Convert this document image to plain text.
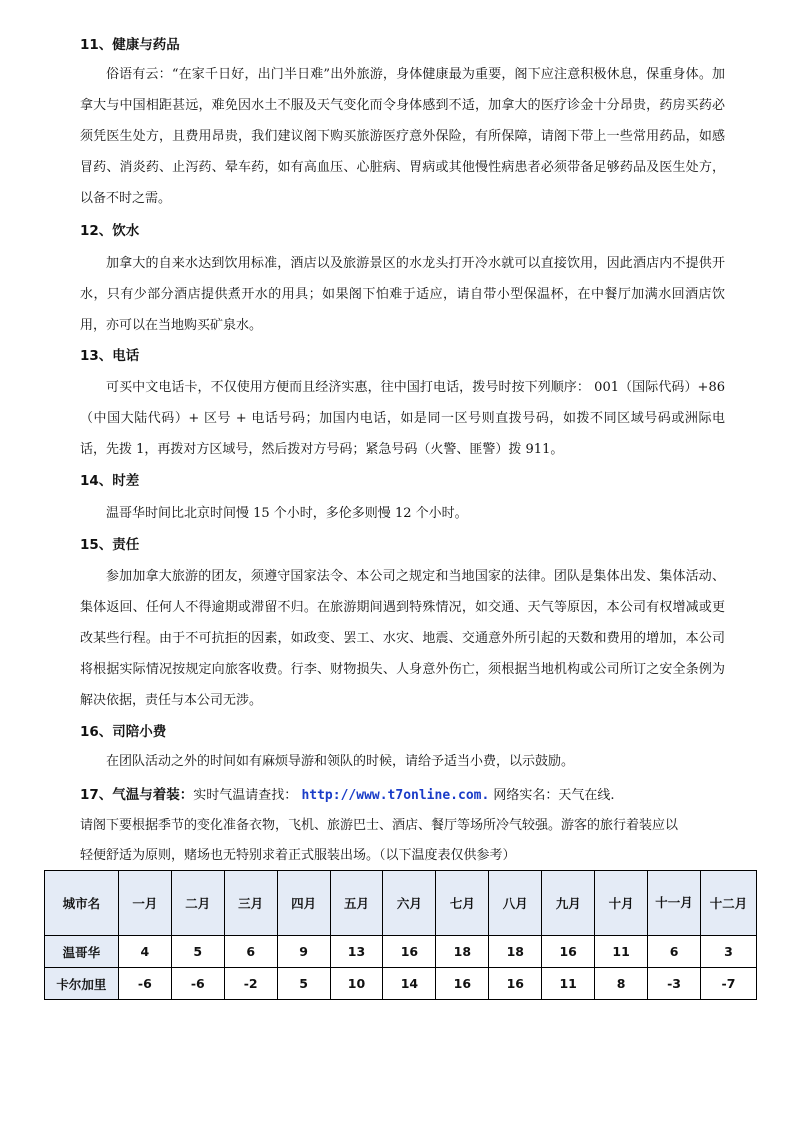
11、健康与药品

俗语有云：“在家千日好，出门半日难”出外旅游，身体健康最为重要，阁下应注意积极休息，保重身体。加拿大与中国相距甚远，难免因水土不服及天气变化而令身体感到不适，加拿大的医疗诊金十分昂贵，药房买药必须凭医生处方，且费用昂贵，我们建议阁下购买旅游医疗意外保险，有所保障，请阁下带上一些常用药品，如感冒药、消炎药、止泻药、晕车药，如有高血压、心脏病、胃病或其他慢性病患者必须带备足够药品及医生处方，以备不时之需。

12、饮水

加拿大的自来水达到饮用标准，酒店以及旅游景区的水龙头打开冷水就可以直接饮用，因此酒店内不提供开水，只有少部分酒店提供煮开水的用具；如果阁下怕难于适应，请自带小型保温杯，在中餐厅加满水回酒店饮用，亦可以在当地购买矿泉水。

13、电话

可买中文电话卡，不仅使用方便而且经济实惠，往中国打电话，拨号时按下列顺序： 001（国际代码）+86（中国大陆代码）+ 区号 + 电话号码；加国内电话，如是同一区号则直拨号码，如拨不同区域号码或洲际电话，先拨 1，再拨对方区域号，然后拨对方号码；紧急号码（火警、匪警）拨 911。

14、时差

温哥华时间比北京时间慢 15 个小时，多伦多则慢 12 个小时。

15、责任

参加加拿大旅游的团友，须遵守国家法令、本公司之规定和当地国家的法律。团队是集体出发、集体活动、集体返回、任何人不得逾期或滞留不归。在旅游期间遇到特殊情况，如交通、天气等原因，本公司有权增减或更改某些行程。由于不可抗拒的因素，如政变、罢工、水灾、地震、交通意外所引起的天数和费用的增加，本公司将根据实际情况按规定向旅客收费。行李、财物损失、人身意外伤亡，须根据当地机构或公司所订之安全条例为解决依据，责任与本公司无涉。

16、司陪小费

在团队活动之外的时间如有麻烦导游和领队的时候，请给予适当小费，以示鼓励。

17、气温与着装：实时气温请查找： http://www.t7online.com. 网络实名：天气在线.
请阁下要根据季节的变化准备衣物，飞机、旅游巴士、酒店、餐厅等场所冷气较强。游客的旅行着装应以
轻便舒适为原则，赌场也无特别求着正式服装出场。（以下温度表仅供参考）
城市名	一月	二月	三月	四月	五月	六月	七月	八月	九月	十月	十一月	十二月
温哥华	4	5	6	9	13	16	18	18	16	11	6	3
卡尔加里	-6	-6	-2	5	10	14	16	16	11	8	-3	-7
